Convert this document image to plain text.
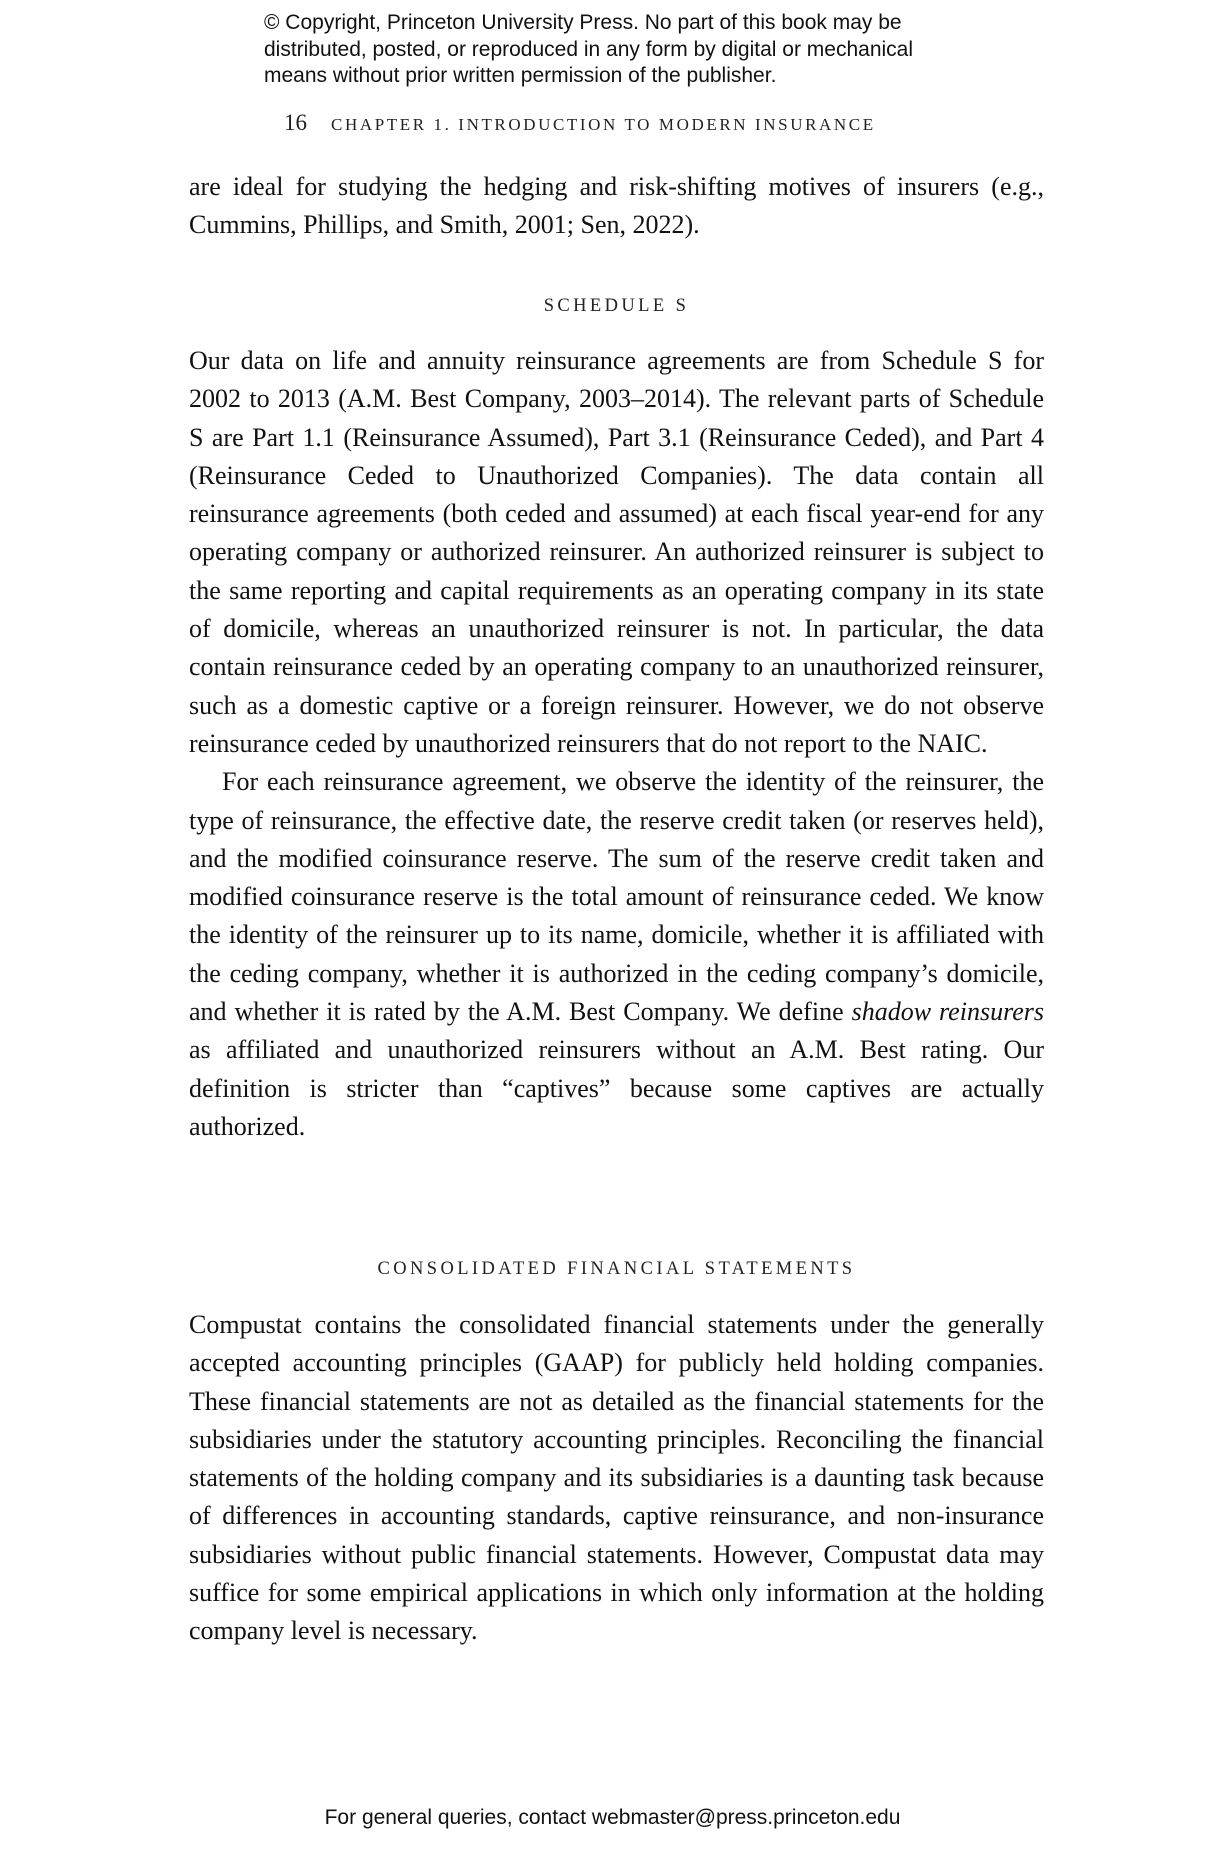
© Copyright, Princeton University Press. No part of this book may be
distributed, posted, or reproduced in any form by digital or mechanical
means without prior written permission of the publisher.
16 CHAPTER 1. INTRODUCTION TO MODERN INSURANCE

are ideal for studying the hedging and risk-shifting motives of insurers (e.g., Cummins, Phillips, and Smith, 2001; Sen, 2022).

SCHEDULE S

Our data on life and annuity reinsurance agreements are from Schedule S for 2002 to 2013 (A.M. Best Company, 2003–2014). The relevant parts of Schedule S are Part 1.1 (Reinsurance Assumed), Part 3.1 (Reinsurance Ceded), and Part 4 (Reinsurance Ceded to Unauthorized Companies). The data contain all reinsurance agreements (both ceded and assumed) at each fiscal year-end for any operating company or authorized reinsurer. An authorized reinsurer is subject to the same reporting and capital requirements as an operating company in its state of domicile, whereas an unauthorized reinsurer is not. In particular, the data contain reinsurance ceded by an operating company to an unauthorized reinsurer, such as a domestic captive or a foreign reinsurer. However, we do not observe reinsurance ceded by unauthorized reinsurers that do not report to the NAIC.

For each reinsurance agreement, we observe the identity of the reinsurer, the type of reinsurance, the effective date, the reserve credit taken (or reserves held), and the modified coinsurance reserve. The sum of the reserve credit taken and modified coinsurance reserve is the total amount of reinsurance ceded. We know the identity of the reinsurer up to its name, domicile, whether it is affiliated with the ceding company, whether it is authorized in the ceding company’s domicile, and whether it is rated by the A.M. Best Company. We define shadow reinsurers as affiliated and unauthorized reinsurers without an A.M. Best rating. Our definition is stricter than “captives” because some captives are actually authorized.

CONSOLIDATED FINANCIAL STATEMENTS

Compustat contains the consolidated financial statements under the generally accepted accounting principles (GAAP) for publicly held holding companies. These financial statements are not as detailed as the financial statements for the subsidiaries under the statutory accounting principles. Reconciling the financial statements of the holding company and its subsidiaries is a daunting task because of differences in accounting standards, captive reinsurance, and non-insurance subsidiaries without public financial statements. However, Compustat data may suffice for some empirical applications in which only information at the holding company level is necessary.

For general queries, contact webmaster@press.princeton.edu
